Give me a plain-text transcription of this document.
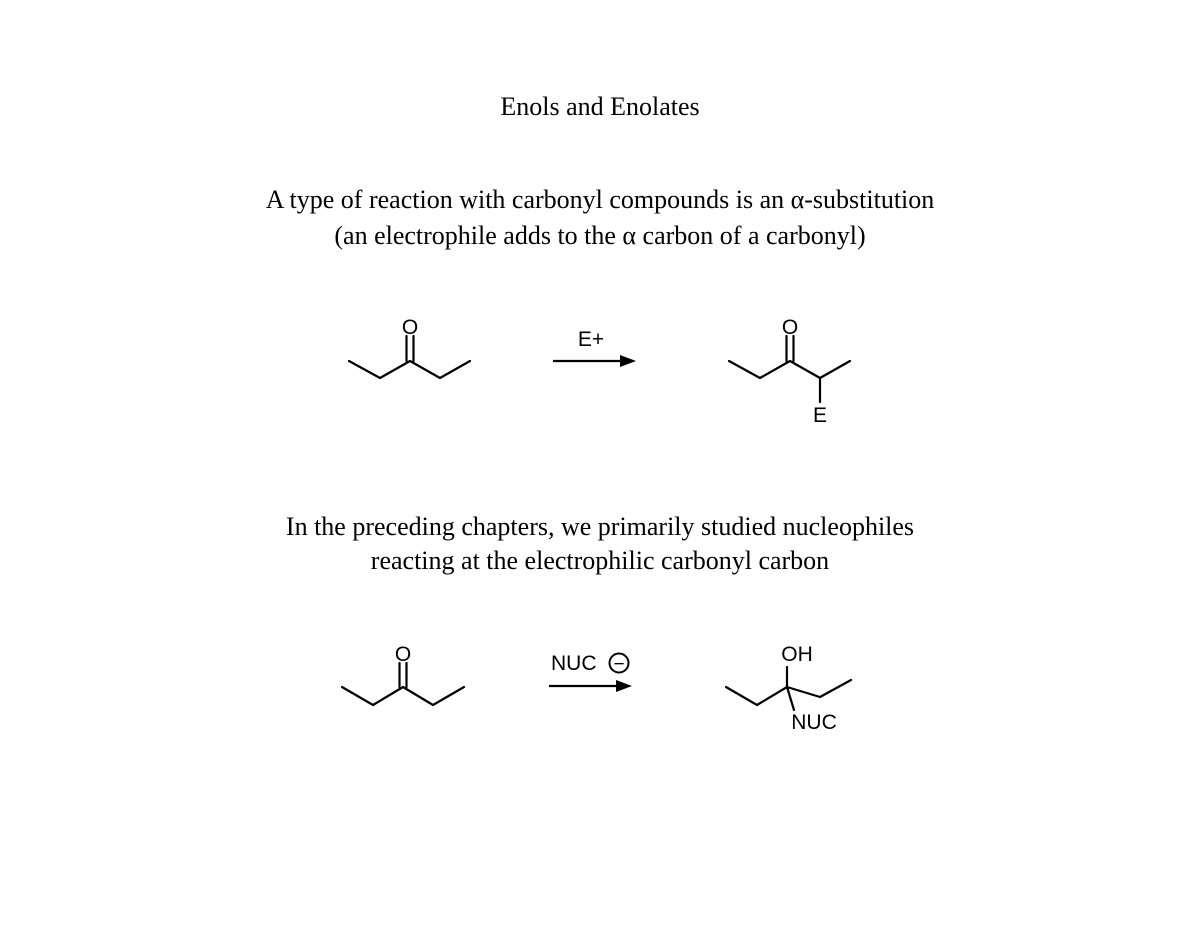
Enols and Enolates
A type of reaction with carbonyl compounds is an α-substitution
(an electrophile adds to the α carbon of a carbonyl)
In the preceding chapters, we primarily studied nucleophiles
reacting at the electrophilic carbonyl carbon
O
E+
O
E
O	NUC −	OH
NUC
